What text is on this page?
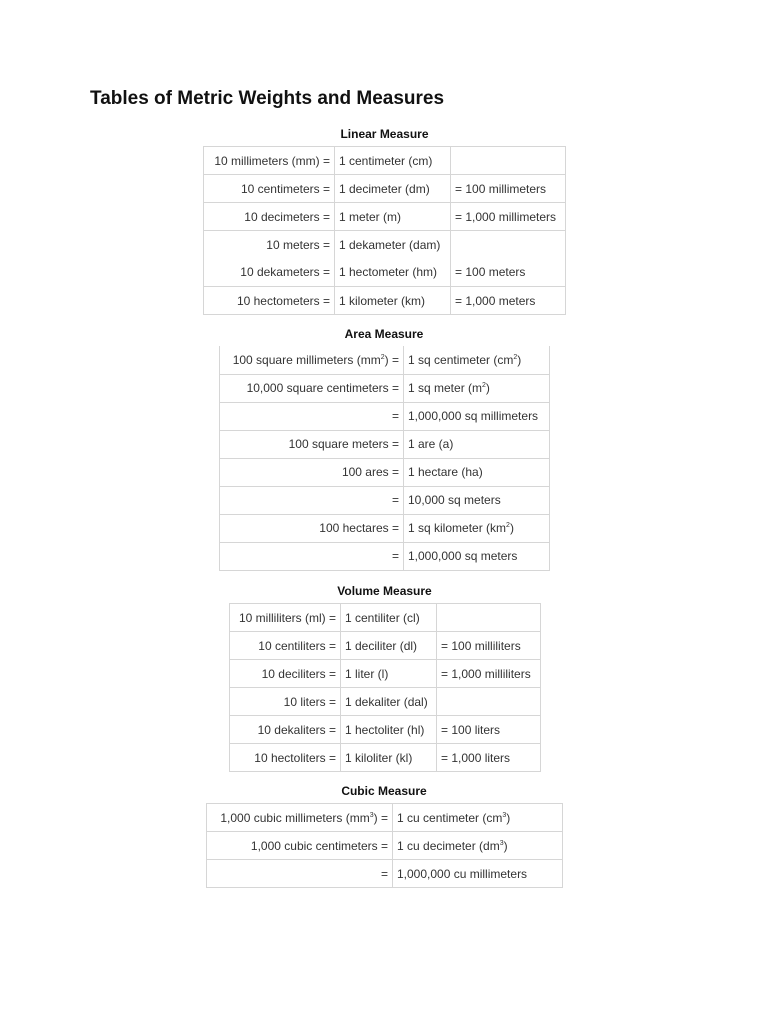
Tables of Metric Weights and Measures
Linear Measure
10 millimeters (mm) =	1 centimeter (cm)	
10 centimeters =	1 decimeter (dm)	= 100 millimeters
10 decimeters =	1 meter (m)	= 1,000 millimeters
10 meters =	1 dekameter (dam)	
10 dekameters =	1 hectometer (hm)	= 100 meters
10 hectometers =	1 kilometer (km)	= 1,000 meters
Area Measure
100 square millimeters $(mm^2)$ =	1 sq centimeter $(cm^2)$
10,000 square centimeters =	1 sq meter $(m^2)$
=	1,000,000 sq millimeters
100 square meters =	1 are (a)
100 ares =	1 hectare (ha)
=	10,000 sq meters
100 hectares =	1 sq kilometer $(km^2)$
=	1,000,000 sq meters
Volume Measure
10 milliliters (ml) =	1 centiliter (cl)	
10 centiliters =	1 deciliter (dl)	= 100 milliliters
10 deciliters =	1 liter (l)	= 1,000 milliliters
10 liters =	1 dekaliter (dal)	
10 dekaliters =	1 hectoliter (hl)	= 100 liters
10 hectoliters =	1 kiloliter (kl)	= 1,000 liters
Cubic Measure
1,000 cubic millimeters $(mm^3)$ =	1 cu centimeter $(cm^3)$
1,000 cubic centimeters =	1 cu decimeter $(dm^3)$
=	1,000,000 cu millimeters
